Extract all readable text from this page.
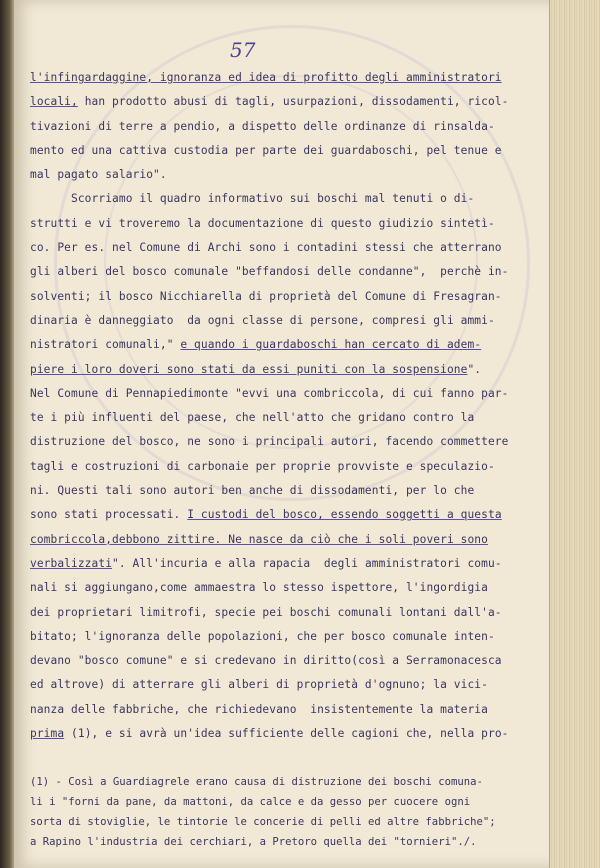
57
l'infingardaggine, ignoranza ed idea di profitto degli amministratori
locali, han prodotto abusi di tagli, usurpazioni, dissodamenti, ricol-
tivazioni di terre a pendio, a dispetto delle ordinanze di rinsalda-
mento ed una cattiva custodia per parte dei guardaboschi, pel tenue e
mal pagato salario".
Scorriamo il quadro informativo sui boschi mal tenuti o di-
strutti e vi troveremo la documentazione di questo giudizio sintetì-
co. Per es. nel Comune di Archi sono i contadini stessi che atterrano
gli alberi del bosco comunale "beffandosi delle condanne",  perchè in-
solventi; il bosco Nicchiarella di proprietà del Comune di Fresagran-
dinaria è danneggiato  da ogni classe di persone, compresi gli ammi-
nistratori comunali," e quando i guardaboschi han cercato di adem-
piere i loro doveri sono stati da essi puniti con la sospensione".
Nel Comune di Pennapiedimonte "evvi una combriccola, di cui fanno par-
te i più influenti del paese, che nell'atto che gridano contro la
distruzione del bosco, ne sono i principali autori, facendo commettere
tagli e costruzioni di carbonaie per proprie provviste e speculazio-
ni. Questi tali sono autori ben anche di dissodamenti, per lo che
sono stati processati. I custodi del bosco, essendo soggetti a questa
combriccola,debbono zittire. Ne nasce da ciò che i soli poveri sono
verbalizzati". All'incuria e alla rapacia  degli amministratori comu-
nali si aggiungano,come ammaestra lo stesso ispettore, l'ingordigia
dei proprietari limitrofi, specie pei boschi comunali lontani dall'a-
bitato; l'ignoranza delle popolazioni, che per bosco comunale inten-
devano "bosco comune" e si credevano in diritto(così a Serramonacesca
ed altrove) di atterrare gli alberi di proprietà d'ognuno; la vici-
nanza delle fabbriche, che richiedevano  insistentemente la materia
prima (1), e si avrà un'idea sufficiente delle cagioni che, nella pro-
(1) - Così a Guardiagrele erano causa di distruzione dei boschi comuna-
li i "forni da pane, da mattoni, da calce e da gesso per cuocere ogni
sorta di stoviglie, le tintorie le concerie di pelli ed altre fabbriche";
a Rapino l'industria dei cerchiari, a Pretoro quella dei "tornieri"./.
